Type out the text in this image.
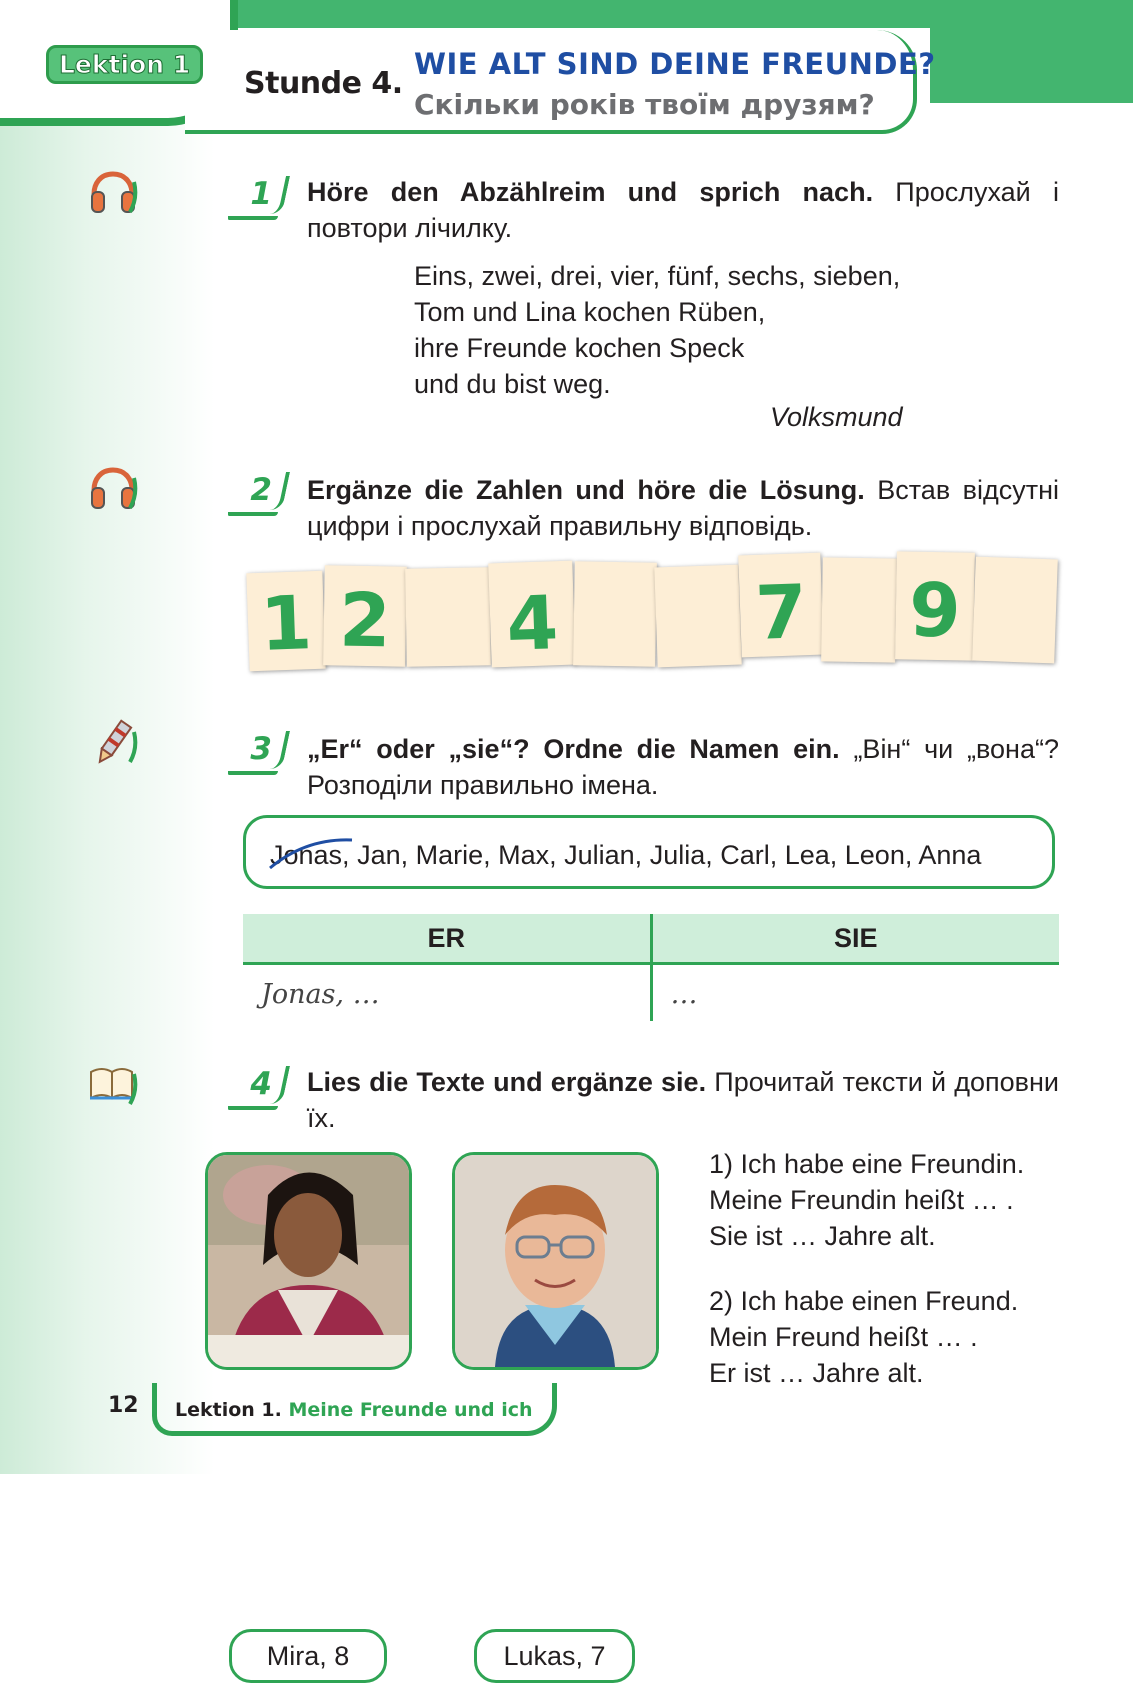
Lektion 1
Stunde 4.
WIE ALT SIND DEINE FREUNDE?
Скільки років твоїм друзям?
1 Höre den Abzählreim und sprich nach. Прослухай і повтори лічилку.
Eins, zwei, drei, vier, fünf, sechs, sieben,
Tom und Lina kochen Rüben,
ihre Freunde kochen Speck
und du bist weg.
Volksmund
2 Ergänze die Zahlen und höre die Lösung. Встав відсутні цифри і прослухай правильну відповідь.
1 2 4	7 9
3 „Er“ oder „sie“? Ordne die Namen ein. „Він“ чи „вона“? Розподіли правильно імена.
Jonas,
Jan, Marie, Max, Julian, Julia, Carl, Lea, Leon, Anna
ER	SIE
Jonas, …	…
4 Lies die Texte und ergänze sie. Прочитай тексти й доповни їх.
Mira, 8	Lukas, 7
1) Ich habe eine Freundin.
Meine Freundin heißt … .
Sie ist … Jahre alt.
2) Ich habe einen Freund.
Mein Freund heißt … .
Er ist … Jahre alt.
12 Lektion 1. Meine Freunde und ich
